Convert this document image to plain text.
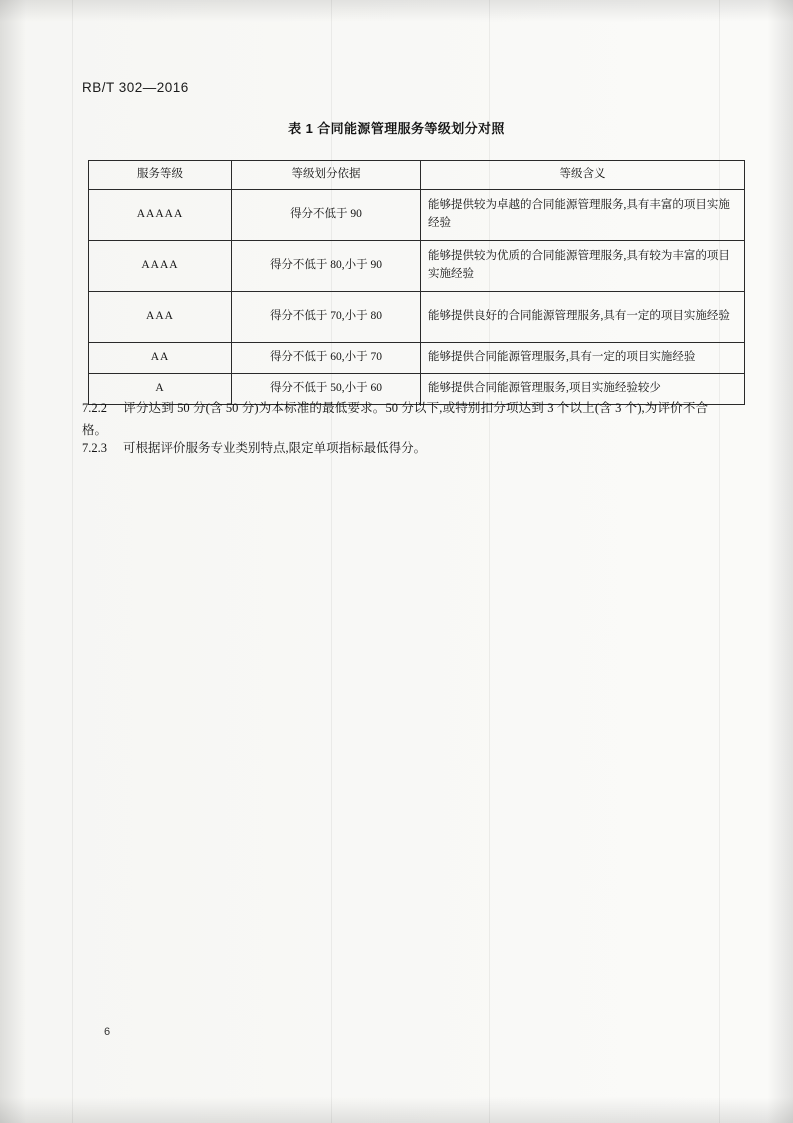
RB/T 302—2016
表 1 合同能源管理服务等级划分对照
服务等级	等级划分依据	等级含义
AAAAA	得分不低于 90	能够提供较为卓越的合同能源管理服务,具有丰富的项目实施经验
AAAA	得分不低于 80,小于 90	能够提供较为优质的合同能源管理服务,具有较为丰富的项目实施经验
AAA	得分不低于 70,小于 80	能够提供良好的合同能源管理服务,具有一定的项目实施经验
AA	得分不低于 60,小于 70	能够提供合同能源管理服务,具有一定的项目实施经验
A	得分不低于 50,小于 60	能够提供合同能源管理服务,项目实施经验较少
7.2.2 评分达到 50 分(含 50 分)为本标准的最低要求。50 分以下,或特别扣分项达到 3 个以上(含 3 个),为评价不合格。
7.2.3 可根据评价服务专业类别特点,限定单项指标最低得分。
6
